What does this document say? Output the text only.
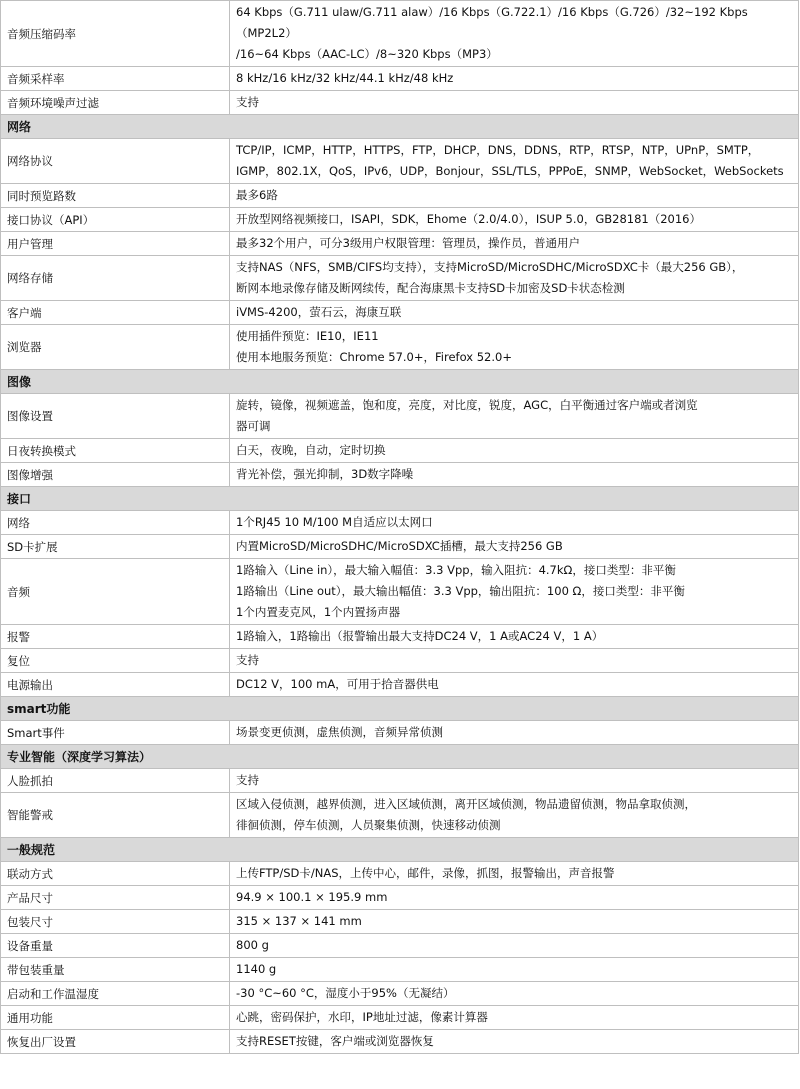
音频压缩码率	64 Kbps（G.711 ulaw/G.711 alaw）/16 Kbps（G.722.1）/16 Kbps（G.726）/32~192 Kbps（MP2L2）
/16~64 Kbps（AAC-LC）/8~320 Kbps（MP3）

音频采样率	8 kHz/16 kHz/32 kHz/44.1 kHz/48 kHz

音频环境噪声过滤	支持

网络	
网络协议	TCP/IP，ICMP，HTTP，HTTPS，FTP，DHCP，DNS，DDNS，RTP，RTSP，NTP，UPnP，SMTP，
IGMP，802.1X，QoS，IPv6，UDP，Bonjour，SSL/TLS，PPPoE，SNMP，WebSocket，WebSockets

同时预览路数	最多6路

接口协议（API）	开放型网络视频接口，ISAPI，SDK，Ehome（2.0/4.0），ISUP 5.0，GB28181（2016）

用户管理	最多32个用户，可分3级用户权限管理：管理员，操作员，普通用户

网络存储	支持NAS（NFS，SMB/CIFS均支持），支持MicroSD/MicroSDHC/MicroSDXC卡（最大256 GB），
断网本地录像存储及断网续传，配合海康黑卡支持SD卡加密及SD卡状态检测

客户端	iVMS-4200，萤石云，海康互联

浏览器	使用插件预览：IE10，IE11
使用本地服务预览：Chrome 57.0+，Firefox 52.0+

图像	
图像设置	旋转，镜像，视频遮盖，饱和度，亮度，对比度，锐度，AGC，白平衡通过客户端或者浏览
器可调

日夜转换模式	白天，夜晚，自动，定时切换

图像增强	背光补偿，强光抑制，3D数字降噪

接口	
网络	1个RJ45 10 M/100 M自适应以太网口

SD卡扩展	内置MicroSD/MicroSDHC/MicroSDXC插槽，最大支持256 GB

音频	1路输入（Line in），最大输入幅值：3.3 Vpp，输入阻抗：4.7kΩ，接口类型：非平衡
1路输出（Line out），最大输出幅值：3.3 Vpp，输出阻抗：100 Ω，接口类型：非平衡
1个内置麦克风，1个内置扬声器

报警	1路输入，1路输出（报警输出最大支持DC24 V，1 A或AC24 V，1 A）

复位	支持

电源输出	DC12 V，100 mA，可用于拾音器供电

smart功能	
Smart事件	场景变更侦测，虚焦侦测，音频异常侦测

专业智能（深度学习算法）	
人脸抓拍	支持

智能警戒	区域入侵侦测，越界侦测，进入区域侦测，离开区域侦测，物品遗留侦测，物品拿取侦测，
徘徊侦测，停车侦测，人员聚集侦测，快速移动侦测

一般规范	
联动方式	上传FTP/SD卡/NAS，上传中心，邮件，录像，抓图，报警输出，声音报警

产品尺寸	94.9 × 100.1 × 195.9 mm

包装尺寸	315 × 137 × 141 mm

设备重量	800 g

带包装重量	1140 g

启动和工作温湿度	-30 °C~60 °C，湿度小于95%（无凝结）

通用功能	心跳，密码保护，水印，IP地址过滤，像素计算器

恢复出厂设置	支持RESET按键，客户端或浏览器恢复
